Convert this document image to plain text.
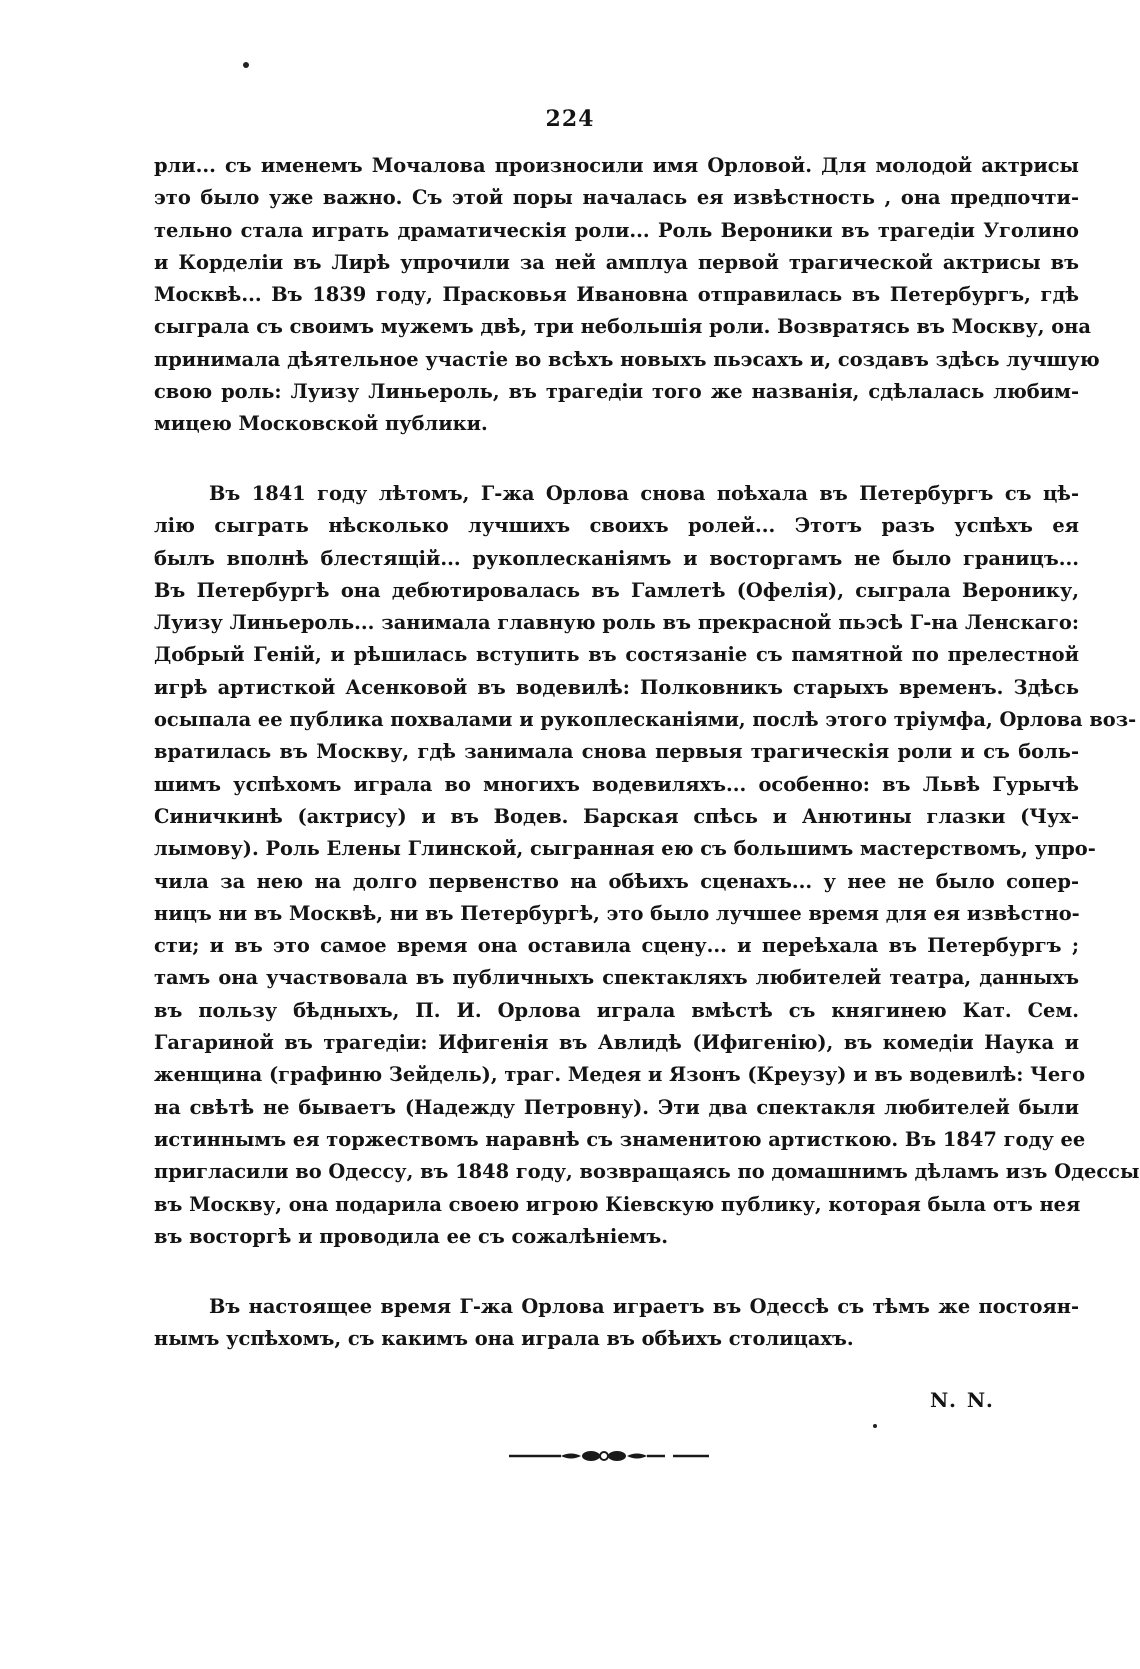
224
рли... съ именемъ Мочалова произносили имя Орловой. Для молодой актрисы
это было уже важно. Съ этой поры началась ея извѣстность , она предпочти-
тельно стала играть драматическія роли... Роль Вероники въ трагедіи Уголино
и Корделіи въ Лирѣ упрочили за ней амплуа первой трагической актрисы въ
Москвѣ... Въ 1839 году, Прасковья Ивановна отправилась въ Петербургъ, гдѣ
сыграла съ своимъ мужемъ двѣ, три небольшія роли. Возвратясь въ Москву, она
принимала дѣятельное участіе во всѣхъ новыхъ пьэсахъ и, создавъ здѣсь лучшую
свою роль: Луизу Линьероль, въ трагедіи того же названія, сдѣлалась любим-
мицею Московской публики.
Въ 1841 году лѣтомъ, Г-жа Орлова снова поѣхала въ Петербургъ съ цѣ-
лію сыграть нѣсколько лучшихъ своихъ ролей... Этотъ разъ успѣхъ ея
былъ вполнѣ блестящій... рукоплесканіямъ и восторгамъ не было границъ...
Въ Петербургѣ она дебютировалась въ Гамлетѣ (Офелія), сыграла Веронику,
Луизу Линьероль... занимала главную роль въ прекрасной пьэсѣ Г-на Ленскаго:
Добрый Геній, и рѣшилась вступить въ состязаніе съ памятной по прелестной
игрѣ артисткой Асенковой въ водевилѣ: Полковникъ старыхъ временъ. Здѣсь
осыпала ее публика похвалами и рукоплесканіями, послѣ этого тріумфа, Орлова воз-
вратилась въ Москву, гдѣ занимала снова первыя трагическія роли и съ боль-
шимъ успѣхомъ играла во многихъ водевиляхъ... особенно: въ Львѣ Гурычѣ
Синичкинѣ (актрису) и въ Водев. Барская спѣсь и Анютины глазки (Чух-
лымову). Роль Елены Глинской, сыгранная ею съ большимъ мастерствомъ, упро-
чила за нею на долго первенство на обѣихъ сценахъ... у нее не было сопер-
ницъ ни въ Москвѣ, ни въ Петербургѣ, это было лучшее время для ея извѣстно-
сти; и въ это самое время она оставила сцену... и переѣхала въ Петербургъ ;
тамъ она участвовала въ публичныхъ спектакляхъ любителей театра, данныхъ
въ пользу бѣдныхъ, П. И. Орлова играла вмѣстѣ съ княгинею Кат. Сем.
Гагариной въ трагедіи: Ифигенія въ Авлидѣ (Ифигенію), въ комедіи Наука и
женщина (графиню Зейдель), траг. Медея и Язонъ (Креузу) и въ водевилѣ: Чего
на свѣтѣ не бываетъ (Надежду Петровну). Эти два спектакля любителей были
истиннымъ ея торжествомъ наравнѣ съ знаменитою артисткою. Въ 1847 году ее
пригласили во Одессу, въ 1848 году, возвращаясь по домашнимъ дѣламъ изъ Одессы
въ Москву, она подарила своею игрою Кіевскую публику, которая была отъ нея
въ восторгѣ и проводила ее съ сожалѣніемъ.
Въ настоящее время Г-жа Орлова играетъ въ Одессѣ съ тѣмъ же постоян-
нымъ успѣхомъ, съ какимъ она играла въ обѣихъ столицахъ.
N. N.
